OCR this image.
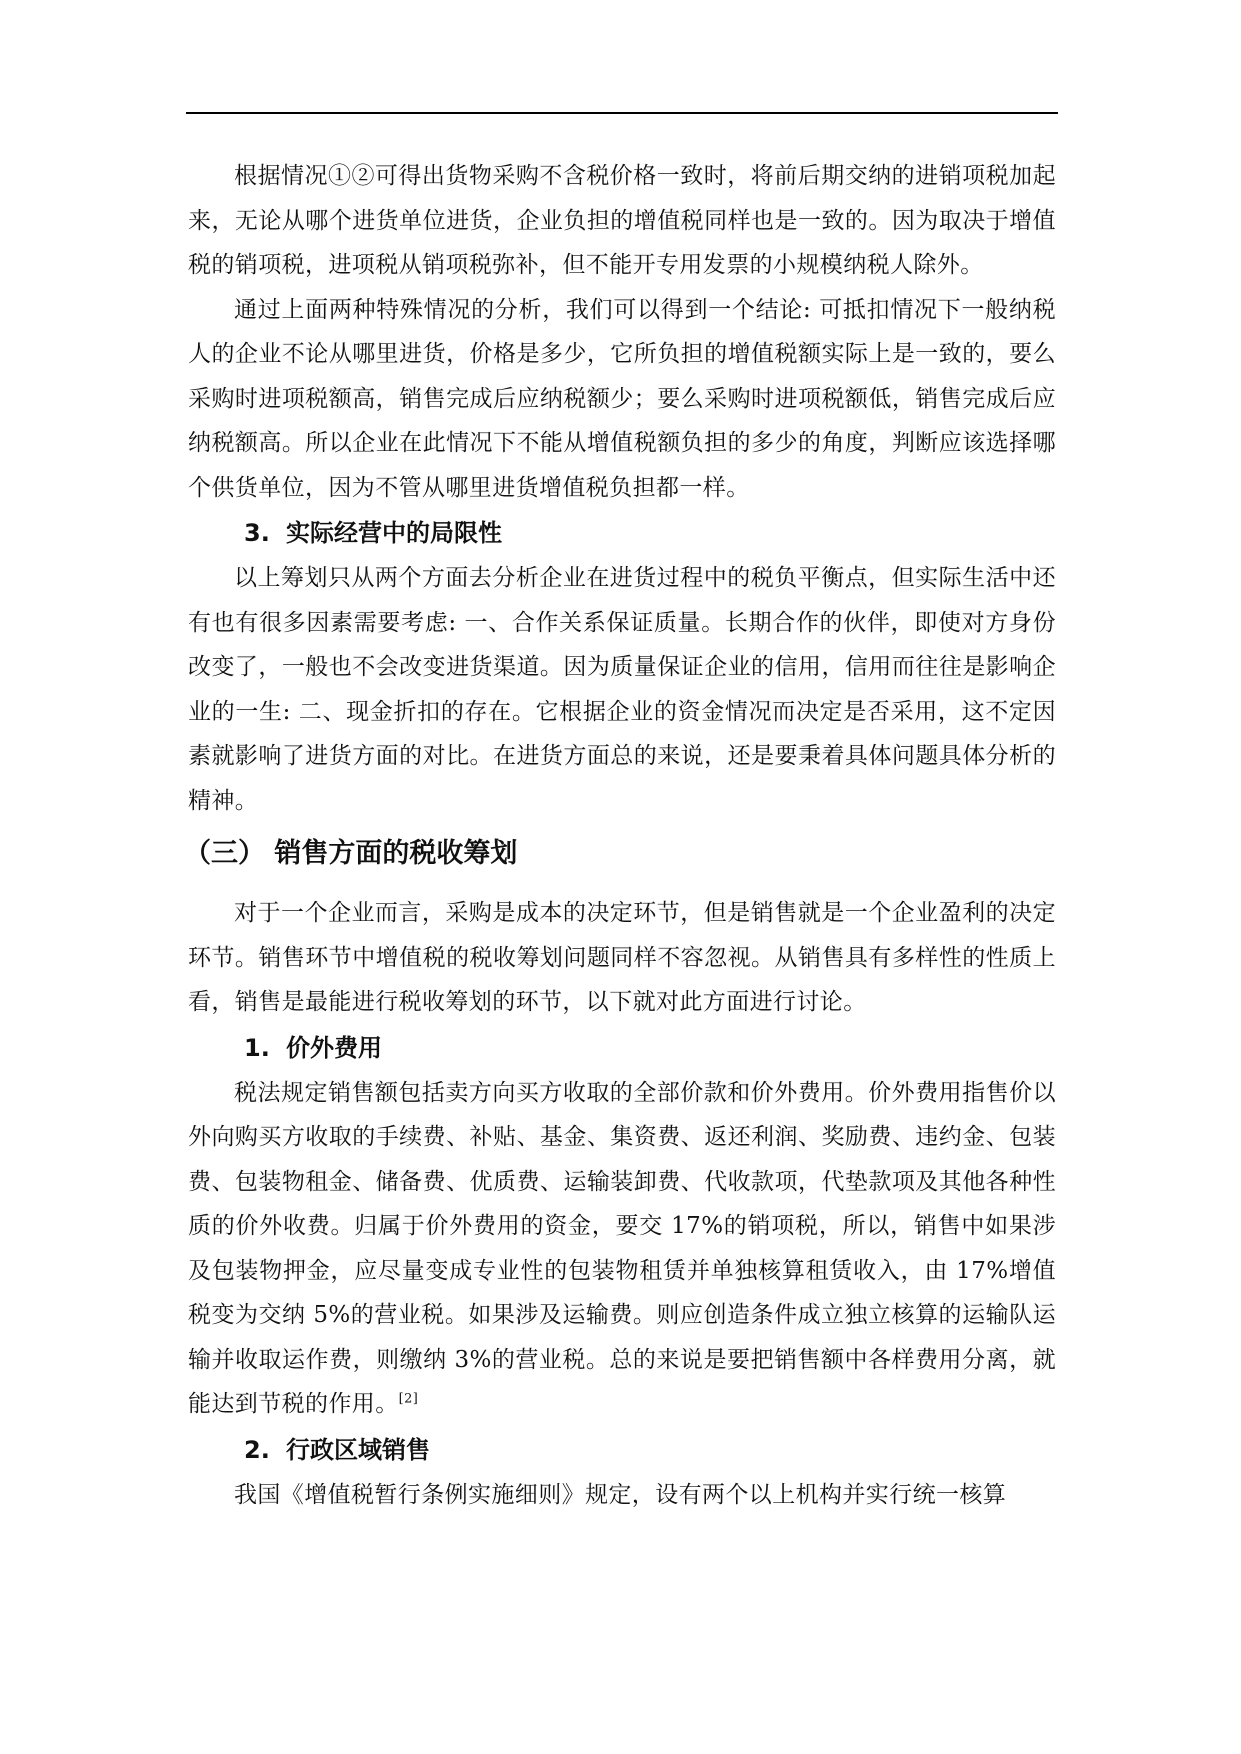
根据情况①②可得出货物采购不含税价格一致时，将前后期交纳的进销项税加起来，无论从哪个进货单位进货，企业负担的增值税同样也是一致的。因为取决于增值税的销项税，进项税从销项税弥补，但不能开专用发票的小规模纳税人除外。

通过上面两种特殊情况的分析，我们可以得到一个结论: 可抵扣情况下一般纳税人的企业不论从哪里进货，价格是多少，它所负担的增值税额实际上是一致的，要么采购时进项税额高，销售完成后应纳税额少；要么采购时进项税额低，销售完成后应纳税额高。所以企业在此情况下不能从增值税额负担的多少的角度，判断应该选择哪个供货单位，因为不管从哪里进货增值税负担都一样。

3. 实际经营中的局限性

以上筹划只从两个方面去分析企业在进货过程中的税负平衡点，但实际生活中还有也有很多因素需要考虑: 一、合作关系保证质量。长期合作的伙伴，即使对方身份改变了，一般也不会改变进货渠道。因为质量保证企业的信用，信用而往往是影响企业的一生: 二、现金折扣的存在。它根据企业的资金情况而决定是否采用，这不定因素就影响了进货方面的对比。在进货方面总的来说，还是要秉着具体问题具体分析的精神。

（三） 销售方面的税收筹划

对于一个企业而言，采购是成本的决定环节，但是销售就是一个企业盈利的决定环节。销售环节中增值税的税收筹划问题同样不容忽视。从销售具有多样性的性质上看，销售是最能进行税收筹划的环节，以下就对此方面进行讨论。

1. 价外费用

税法规定销售额包括卖方向买方收取的全部价款和价外费用。价外费用指售价以外向购买方收取的手续费、补贴、基金、集资费、返还利润、奖励费、违约金、包装费、包装物租金、储备费、优质费、运输装卸费、代收款项，代垫款项及其他各种性质的价外收费。归属于价外费用的资金，要交 17%的销项税，所以，销售中如果涉及包装物押金，应尽量变成专业性的包装物租赁并单独核算租赁收入，由 17%增值税变为交纳 5%的营业税。如果涉及运输费。则应创造条件成立独立核算的运输队运输并收取运作费，则缴纳 3%的营业税。总的来说是要把销售额中各样费用分离，就能达到节税的作用。[2]

2. 行政区域销售

我国《增值税暂行条例实施细则》规定，设有两个以上机构并实行统一核算
